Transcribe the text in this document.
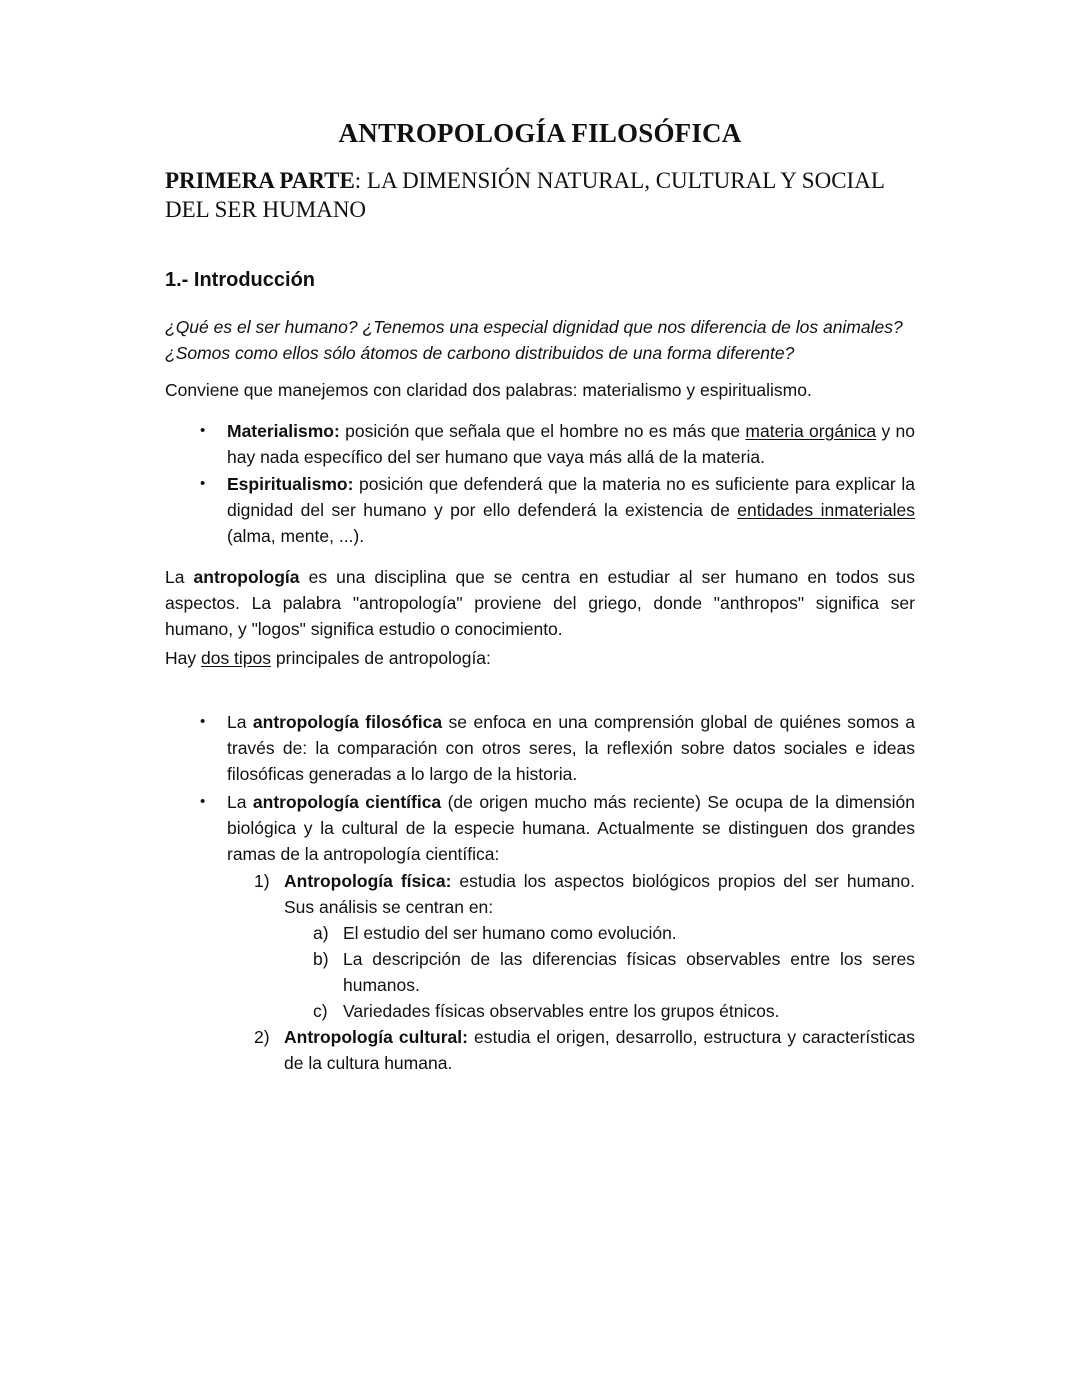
ANTROPOLOGÍA FILOSÓFICA
PRIMERA PARTE: LA DIMENSIÓN NATURAL, CULTURAL Y SOCIAL DEL SER HUMANO
1.- Introducción
¿Qué es el ser humano? ¿Tenemos una especial dignidad que nos diferencia de los animales?
¿Somos como ellos sólo átomos de carbono distribuidos de una forma diferente?
Conviene que manejemos con claridad dos palabras: materialismo y espiritualismo.
• Materialismo: posición que señala que el hombre no es más que materia orgánica y no hay nada específico del ser humano que vaya más allá de la materia.
• Espiritualismo: posición que defenderá que la materia no es suficiente para explicar la dignidad del ser humano y por ello defenderá la existencia de entidades inmateriales (alma, mente, ...).
La antropología es una disciplina que se centra en estudiar al ser humano en todos sus aspectos. La palabra "antropología" proviene del griego, donde "anthropos" significa ser humano, y "logos" significa estudio o conocimiento.
Hay dos tipos principales de antropología:
• La antropología filosófica se enfoca en una comprensión global de quiénes somos a través de: la comparación con otros seres, la reflexión sobre datos sociales e ideas filosóficas generadas a lo largo de la historia.
• La antropología científica (de origen mucho más reciente) Se ocupa de la dimensión biológica y la cultural de la especie humana. Actualmente se distinguen dos grandes ramas de la antropología científica:
1) Antropología física: estudia los aspectos biológicos propios del ser humano. Sus análisis se centran en:
a) El estudio del ser humano como evolución.
b) La descripción de las diferencias físicas observables entre los seres humanos.
c) Variedades físicas observables entre los grupos étnicos.
2) Antropología cultural: estudia el origen, desarrollo, estructura y características de la cultura humana.
